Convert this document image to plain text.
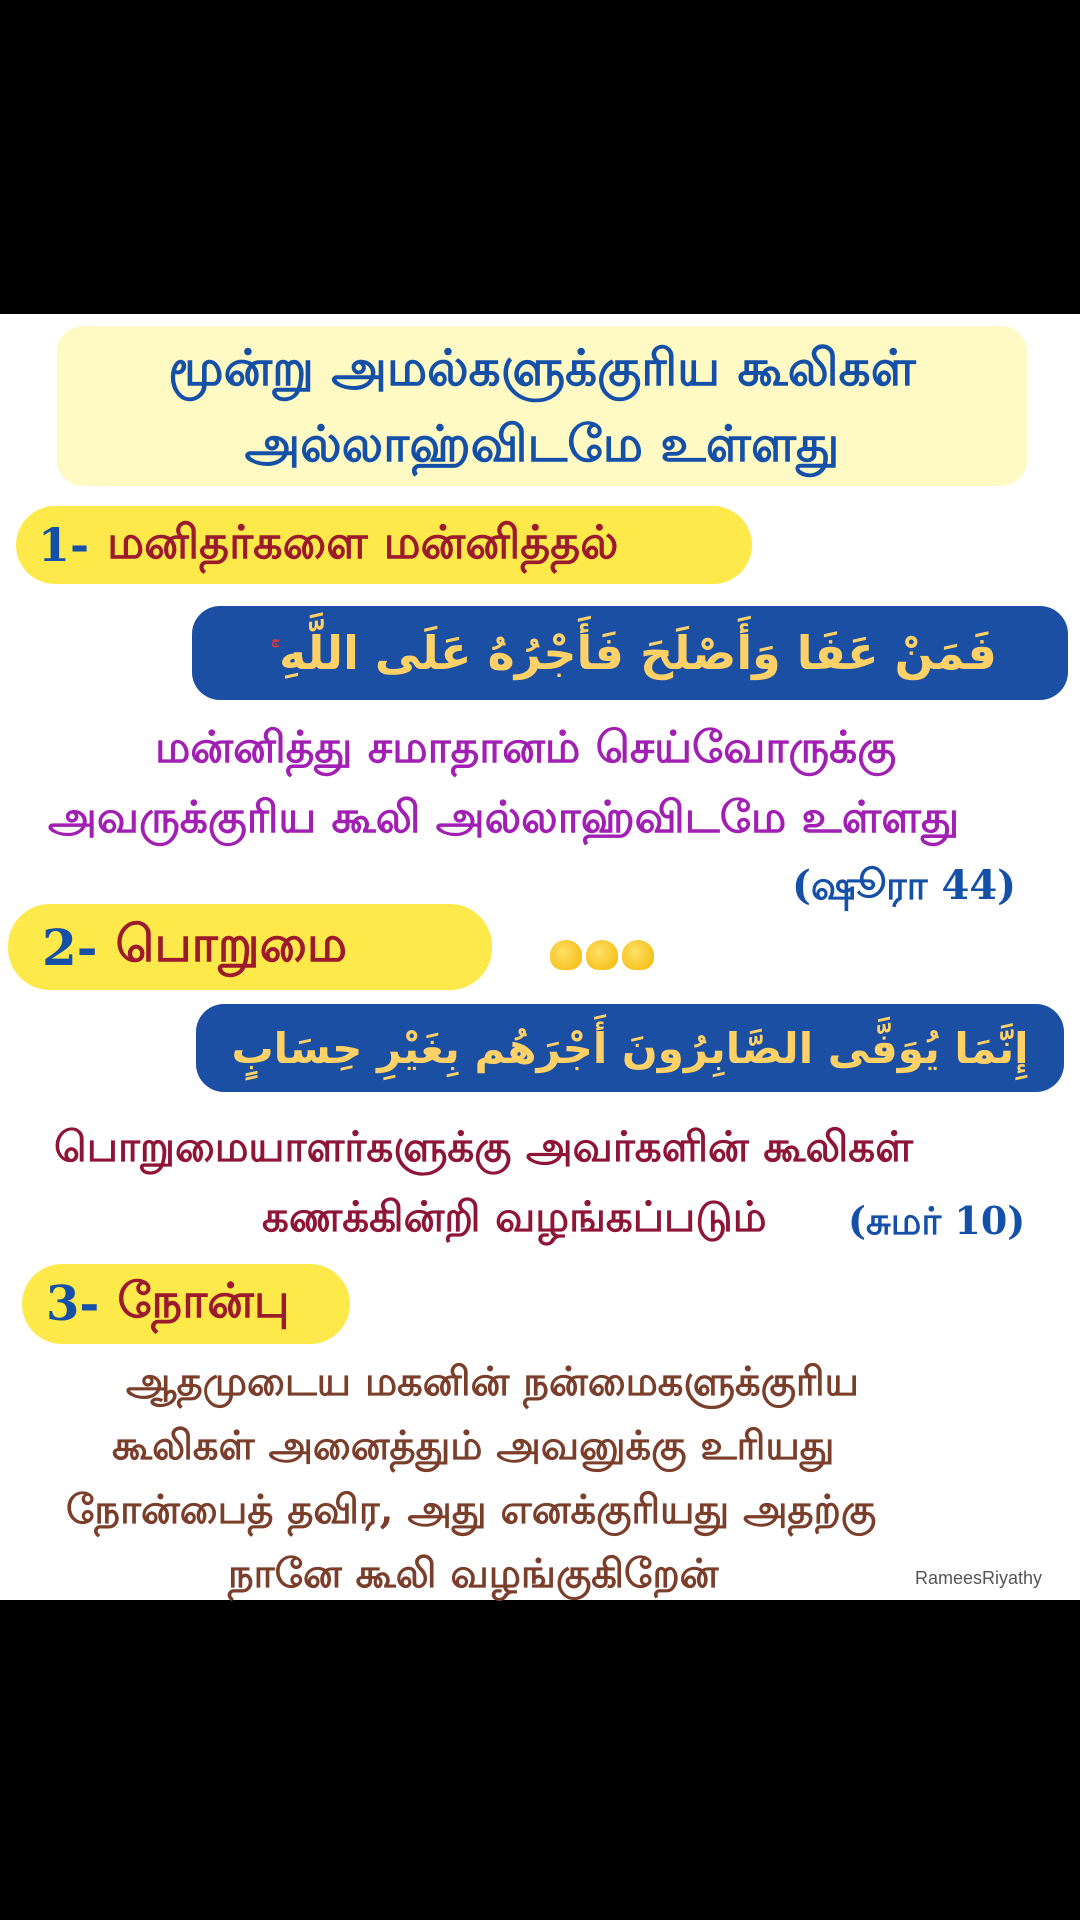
மூன்று அமல்களுக்குரிய கூலிகள்
அல்லாஹ்விடமே உள்ளது
1- மனிதர்களை மன்னித்தல்
فَمَنْ عَفَا وَأَصْلَحَ فَأَجْرُهُ عَلَى اللَّهِ
மன்னித்து சமாதானம் செய்வோருக்கு
அவருக்குரிய கூலி அல்லாஹ்விடமே உள்ளது
(ஷூரா 44)
2- பொறுமை
إِنَّمَا يُوَفَّى الصَّابِرُونَ أَجْرَهُم بِغَيْرِ حِسَابٍ
பொறுமையாளர்களுக்கு அவர்களின் கூலிகள்
கணக்கின்றி வழங்கப்படும் (சுமர் 10)
3- நோன்பு
ஆதமுடைய மகனின் நன்மைகளுக்குரிய
கூலிகள் அனைத்தும் அவனுக்கு உரியது
நோன்பைத் தவிர, அது எனக்குரியது அதற்கு
நானே கூலி வழங்குகிறேன்	RameesRiyathy
